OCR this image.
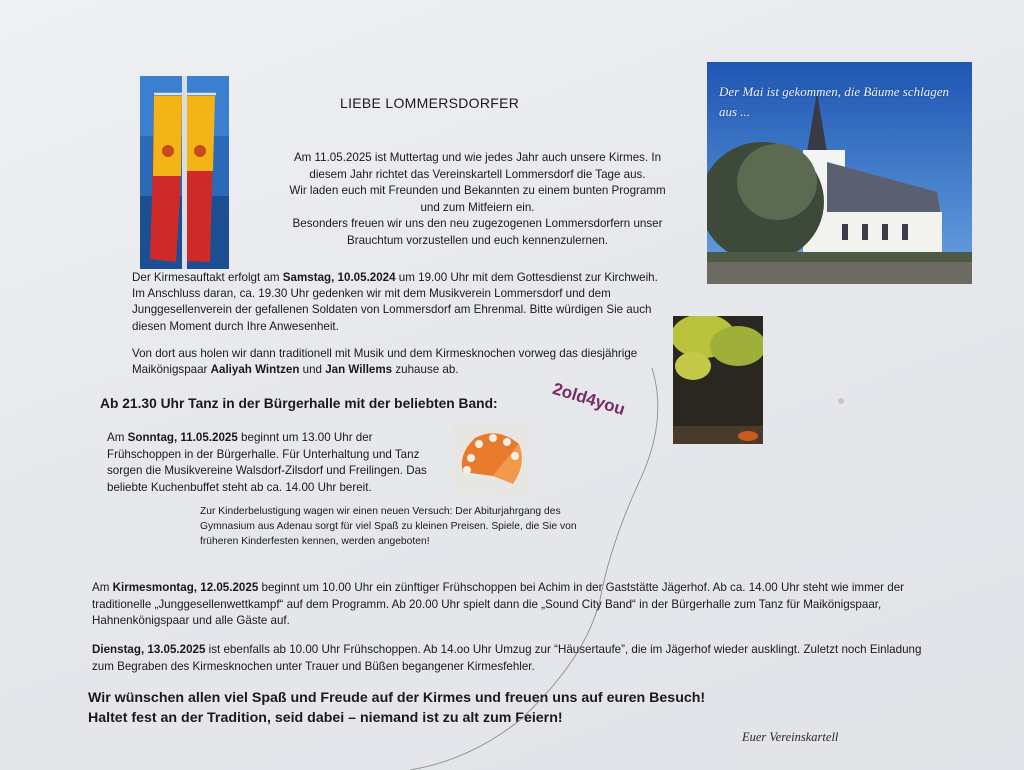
Der Mai ist gekommen, die Bäume schlagen aus ...
LIEBE LOMMERSDORFER
Am 11.05.2025 ist Muttertag und wie jedes Jahr auch unsere Kirmes. In
diesem Jahr richtet das Vereinskartell Lommersdorf die Tage aus.
Wir laden euch mit Freunden und Bekannten zu einem bunten Programm
und zum Mitfeiern ein.
Besonders freuen wir uns den neu zugezogenen Lommersdorfern unser
Brauchtum vorzustellen und euch kennenzulernen.
Der Kirmesauftakt erfolgt am Samstag, 10.05.2024 um 19.00 Uhr mit dem Gottesdienst zur Kirchweih. Im Anschluss daran, ca. 19.30 Uhr gedenken wir mit dem Musikverein Lommersdorf und dem Junggesellenverein der gefallenen Soldaten von Lommersdorf am Ehrenmal. Bitte würdigen Sie auch diesen Moment durch Ihre Anwesenheit.
Von dort aus holen wir dann traditionell mit Musik und dem Kirmesknochen vorweg das diesjährige Maikönigspaar Aaliyah Wintzen und Jan Willems zuhause ab.
Ab 21.30 Uhr Tanz in der Bürgerhalle mit der beliebten Band:	2old4you
Am Sonntag, 11.05.2025 beginnt um 13.00 Uhr der Frühschoppen in der Bürgerhalle. Für Unterhaltung und Tanz sorgen die Musikvereine Walsdorf-Zilsdorf und Freilingen. Das beliebte Kuchenbuffet steht ab ca. 14.00 Uhr bereit.
Zur Kinderbelustigung wagen wir einen neuen Versuch: Der Abiturjahrgang des Gymnasium aus Adenau sorgt für viel Spaß zu kleinen Preisen. Spiele, die Sie von früheren Kinderfesten kennen, werden angeboten!
Am Kirmesmontag, 12.05.2025 beginnt um 10.00 Uhr ein zünftiger Frühschoppen bei Achim in der Gaststätte Jägerhof. Ab ca. 14.00 Uhr steht wie immer der traditionelle „Junggesellenwettkampf“ auf dem Programm. Ab 20.00 Uhr spielt dann die „Sound City Band“ in der Bürgerhalle zum Tanz für Maikönigspaar, Hahnenkönigspaar und alle Gäste auf.
Dienstag, 13.05.2025 ist ebenfalls ab 10.00 Uhr Frühschoppen. Ab 14.oo Uhr Umzug zur “Häusertaufe”, die im Jägerhof wieder ausklingt. Zuletzt noch Einladung zum Begraben des Kirmesknochen unter Trauer und Büßen begangener Kirmesfehler.
Wir wünschen allen viel Spaß und Freude auf der Kirmes und freuen uns auf euren Besuch!
Haltet fest an der Tradition, seid dabei – niemand ist zu alt zum Feiern!
Euer Vereinskartell
